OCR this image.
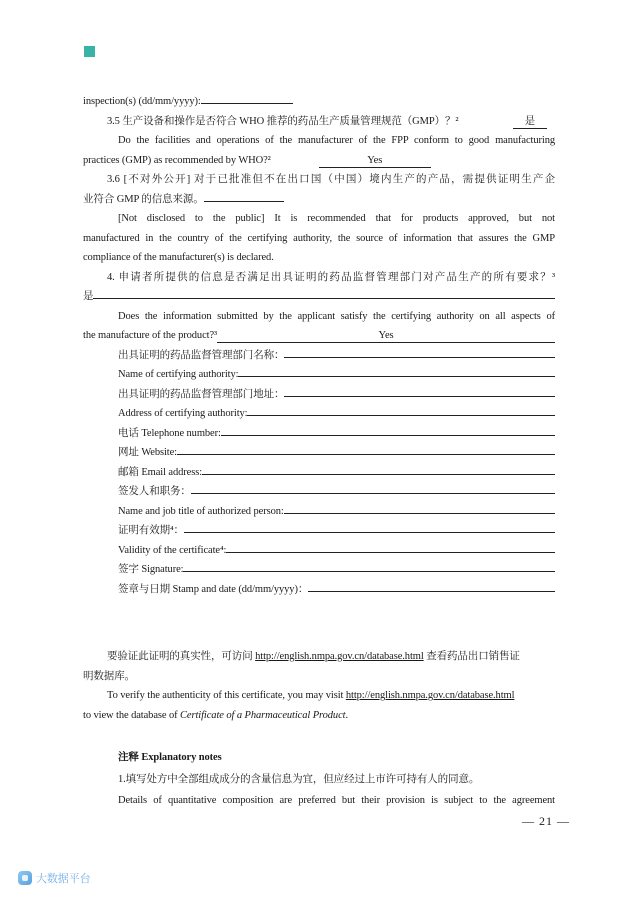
inspection(s) (dd/mm/yyyy):
3.5 生产设备和操作是否符合 WHO 推荐的药品生产质量管理规范（GMP）？²	是
Do the facilities and operations of the manufacturer of the FPP conform to good manufacturing
practices (GMP) as recommended by WHO?²	Yes
3.6 [不对外公开] 对于已批准但不在出口国（中国）境内生产的产品，需提供证明生产企
业符合 GMP 的信息来源。
[Not disclosed to the public] It is recommended that for products approved, but not
manufactured in the country of the certifying authority, the source of information that assures the GMP
compliance of the manufacturer(s) is declared.
4. 申请者所提供的信息是否满足出具证明的药品监督管理部门对产品生产的所有要求？³
是
Does the information submitted by the applicant satisfy the certifying authority on all aspects of
the manufacture of the product?³	Yes
出具证明的药品监督管理部门名称：
Name of certifying authority:
出具证明的药品监督管理部门地址：
Address of certifying authority:
电话 Telephone number:
网址 Website:
邮箱 Email address:
签发人和职务：
Name and job title of authorized person:
证明有效期⁴：
Validity of the certificate⁴:
签字 Signature:
签章与日期 Stamp and date (dd/mm/yyyy)：
要验证此证明的真实性，可访问 http://english.nmpa.gov.cn/database.html 查看药品出口销售证
明数据库。
To verify the authenticity of this certificate, you may visit http://english.nmpa.gov.cn/database.html
to view the database of Certificate of a Pharmaceutical Product.
注释 Explanatory notes
1.填写处方中全部组成成分的含量信息为宜，但应经过上市许可持有人的同意。
Details of quantitative composition are preferred but their provision is subject to the agreement
— 21 —
大数据平台
